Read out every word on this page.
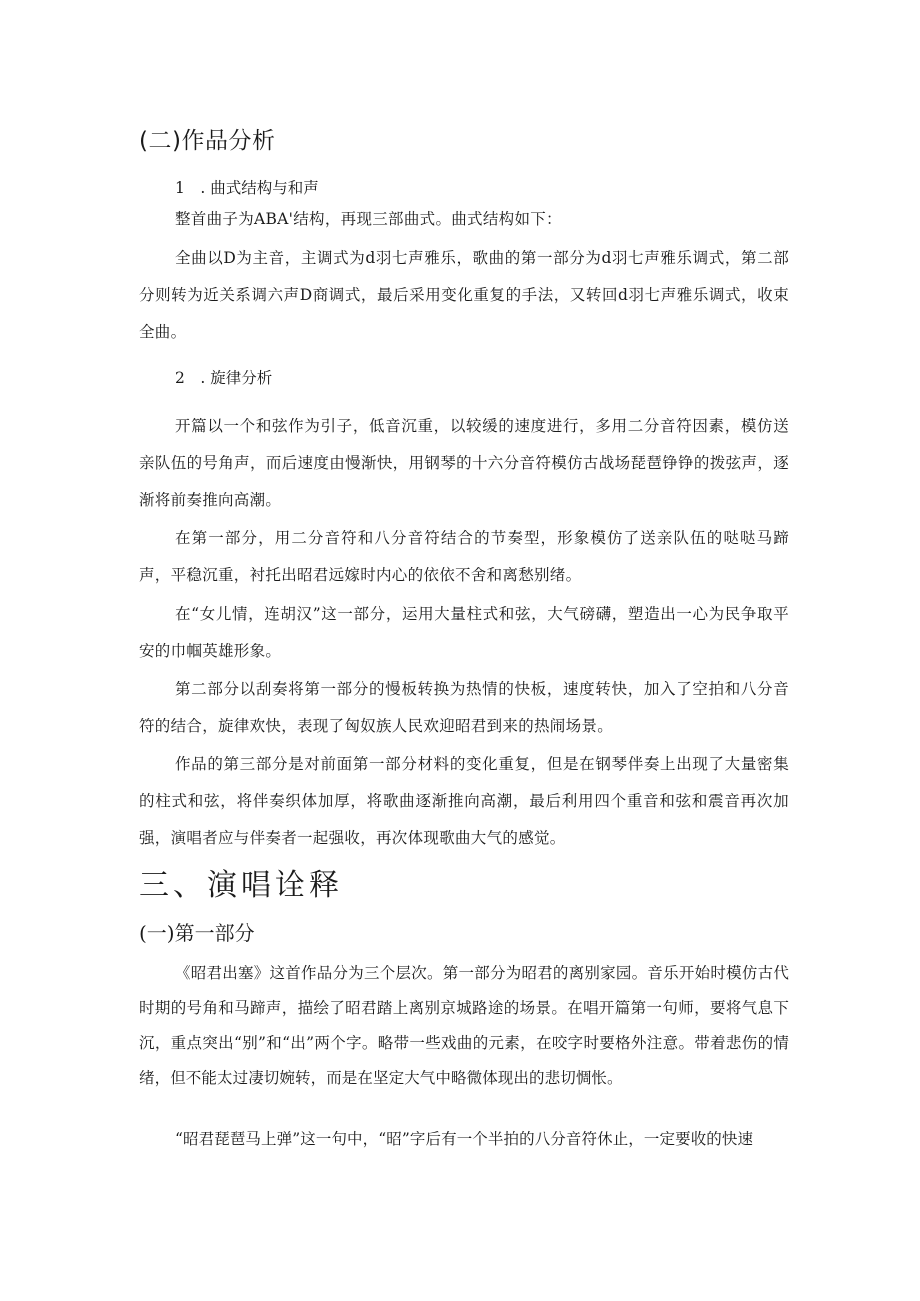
(二)作品分析
1　. 曲式结构与和声

整首曲子为ABA'结构，再现三部曲式。曲式结构如下：

全曲以D为主音，主调式为d羽七声雅乐，歌曲的第一部分为d羽七声雅乐调式，第二部分则转为近关系调六声D商调式，最后采用变化重复的手法，又转回d羽七声雅乐调式，收束全曲。

2　. 旋律分析

开篇以一个和弦作为引子，低音沉重，以较缓的速度进行，多用二分音符因素，模仿送亲队伍的号角声，而后速度由慢渐快，用钢琴的十六分音符模仿古战场琵琶铮铮的拨弦声，逐渐将前奏推向高潮。

在第一部分，用二分音符和八分音符结合的节奏型，形象模仿了送亲队伍的哒哒马蹄声，平稳沉重，衬托出昭君远嫁时内心的依依不舍和离愁别绪。

在“女儿情，连胡汉”这一部分，运用大量柱式和弦，大气磅礴，塑造出一心为民争取平安的巾帼英雄形象。

第二部分以刮奏将第一部分的慢板转换为热情的快板，速度转快，加入了空拍和八分音符的结合，旋律欢快，表现了匈奴族人民欢迎昭君到来的热闹场景。

作品的第三部分是对前面第一部分材料的变化重复，但是在钢琴伴奏上出现了大量密集的柱式和弦，将伴奏织体加厚，将歌曲逐渐推向高潮，最后利用四个重音和弦和震音再次加强，演唱者应与伴奏者一起强收，再次体现歌曲大气的感觉。

三、演唱诠释
(一)第一部分

《昭君出塞》这首作品分为三个层次。第一部分为昭君的离别家园。音乐开始时模仿古代时期的号角和马蹄声，描绘了昭君踏上离别京城路途的场景。在唱开篇第一句师，要将气息下沉，重点突出“别”和“出”两个字。略带一些戏曲的元素，在咬字时要格外注意。带着悲伤的情绪，但不能太过凄切婉转，而是在坚定大气中略微体现出的悲切惆怅。

“昭君琵琶马上弹”这一句中，“昭”字后有一个半拍的八分音符休止，一定要收的快速
